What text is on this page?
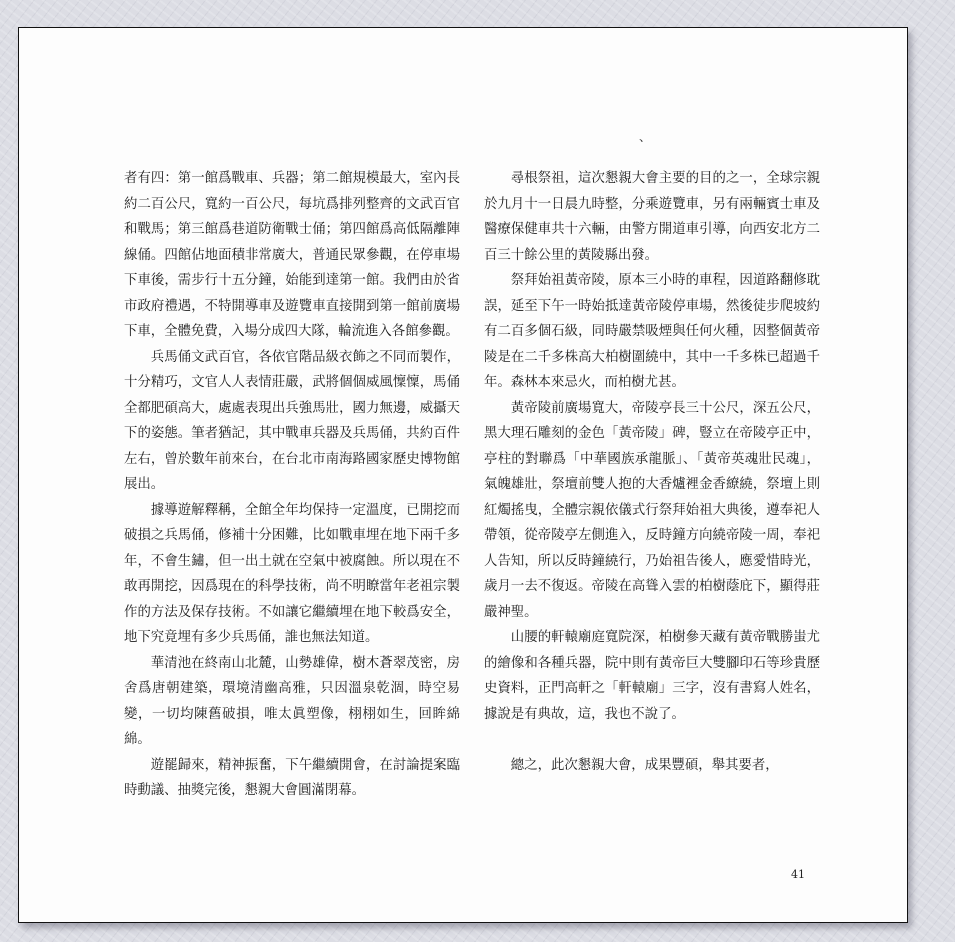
、

者有四：第一館爲戰車、兵器；第二館規模最大，室內長約二百公尺，寬約一百公尺，每坑爲排列整齊的文武百官和戰馬；第三館爲巷道防衛戰士俑；第四館爲高低隔離陣線俑。四館佔地面積非常廣大，普通民眾參觀，在停車場下車後，需步行十五分鐘，始能到達第一館。我們由於省市政府禮遇，不特開導車及遊覽車直接開到第一館前廣場下車，全體免費，入場分成四大隊，輪流進入各館參觀。

兵馬俑文武百官，各依官階品級衣飾之不同而製作，十分精巧，文官人人表情莊嚴，武將個個威風懍懍，馬俑全都肥碩高大，處處表現出兵強馬壯，國力無邊，威攝天下的姿態。筆者猶記，其中戰車兵器及兵馬俑，共約百件左右，曾於數年前來台，在台北市南海路國家歷史博物館展出。

據導遊解釋稱，全館全年均保持一定溫度，已開挖而破損之兵馬俑，修補十分困難，比如戰車埋在地下兩千多年，不會生鏽，但一出土就在空氣中被腐蝕。所以現在不敢再開挖，因爲現在的科學技術，尚不明瞭當年老祖宗製作的方法及保存技術。不如讓它繼續埋在地下較爲安全，地下究竟埋有多少兵馬俑，誰也無法知道。

華清池在終南山北麓，山勢雄偉，樹木蒼翠茂密，房舍爲唐朝建築，環境清幽高雅，只因溫泉乾涸，時空易變，一切均陳舊破損，唯太眞塑像，栩栩如生，回眸綿綿。

遊罷歸來，精神振奮，下午繼續開會，在討論提案臨時動議、抽獎完後，懇親大會圓滿閉幕。

尋根祭祖，這次懇親大會主要的目的之一，全球宗親於九月十一日晨九時整，分乘遊覽車，另有兩輛賓士車及醫療保健車共十六輛，由警方開道車引導，向西安北方二百三十餘公里的黃陵縣出發。

祭拜始祖黃帝陵，原本三小時的車程，因道路翻修耽誤，延至下午一時始抵達黃帝陵停車場，然後徒步爬坡約有二百多個石級，同時嚴禁吸煙與任何火種，因整個黃帝陵是在二千多株高大柏樹圍繞中，其中一千多株已超過千年。森林本來忌火，而柏樹尤甚。

黃帝陵前廣場寬大，帝陵亭長三十公尺，深五公尺，黑大理石雕刻的金色「黃帝陵」碑，豎立在帝陵亭正中，亭柱的對聯爲「中華國族承龍脈」、「黃帝英魂壯民魂」，氣魄雄壯，祭壇前雙人抱的大香爐裡金香繚繞，祭壇上則紅燭搖曳，全體宗親依儀式行祭拜始祖大典後，遵奉祀人帶領，從帝陵亭左側進入，反時鐘方向繞帝陵一周，奉祀人告知，所以反時鐘繞行，乃始祖告後人，應愛惜時光，歲月一去不復返。帝陵在高聳入雲的柏樹蔭庇下，顯得莊嚴神聖。

山腰的軒轅廟庭寬院深，柏樹參天藏有黃帝戰勝蚩尤的繪像和各種兵器，院中則有黃帝巨大雙腳印石等珍貴歷史資料，正門高軒之「軒轅廟」三字，沒有書寫人姓名，據說是有典故，這，我也不說了。

總之，此次懇親大會，成果豐碩，舉其要者，

41
